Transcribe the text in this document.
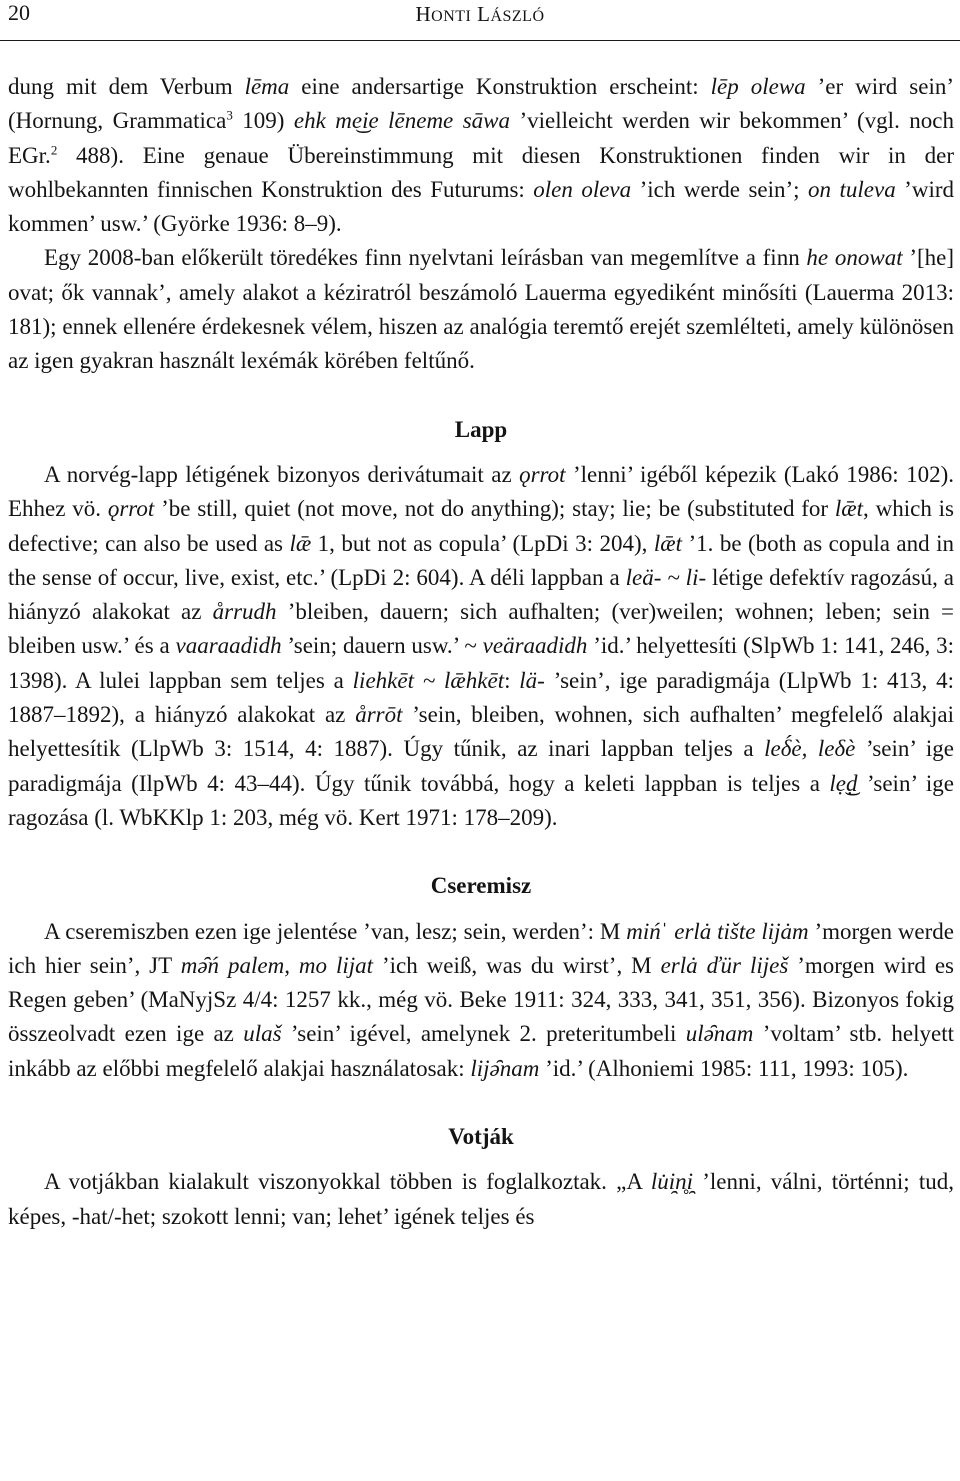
20	HONTI LÁSZLÓ

dung mit dem Verbum lēma eine andersartige Konstruktion erscheint: lēp olewa ’er wird sein’ (Hornung, Grammatica$^3$ 109) ehk me͜ie lēneme sāwa ’vielleicht werden wir bekommen’ (vgl. noch EGr.$^2$ 488). Eine genaue Übereinstimmung mit diesen Konstruktionen finden wir in der wohlbekannten finnischen Konstruktion des Futurums: olen oleva ’ich werde sein’; on tuleva ’wird kommen’ usw.’ (Györke 1936: 8–9).

Egy 2008-ban előkerült töredékes finn nyelvtani leírásban van megemlítve a finn he onowat ’[he] ovat; ők vannak’, amely alakot a kéziratról beszámoló Lauerma egyediként minősíti (Lauerma 2013: 181); ennek ellenére érdekesnek vélem, hiszen az analógia teremtő erejét szemlélteti, amely különösen az igen gyakran használt lexémák körében feltűnő.

Lapp

A norvég-lapp létigének bizonyos derivátumait az ǫrrot ’lenni’ igéből képezik (Lakó 1986: 102). Ehhez vö. ǫrrot ’be still, quiet (not move, not do anything); stay; lie; be (substituted for lǣt, which is defective; can also be used as lǣ 1, but not as copula’ (LpDi 3: 204), lǣt ’1. be (both as copula and in the sense of occur, live, exist, etc.’ (LpDi 2: 604). A déli lappban a leä- ~ li- létige defektív ragozású, a hiányzó alakokat az årrudh ’bleiben, dauern; sich aufhalten; (ver)weilen; wohnen; leben; sein = bleiben usw.’ és a vaaraadidh ’sein; dauern usw.’ ~ veäraadidh ’id.’ helyettesíti (SlpWb 1: 141, 246, 3: 1398). A lulei lappban sem teljes a liehkēt ~ lǣhkēt: lä- ’sein’, ige paradigmája (LlpWb 1: 413, 4: 1887–1892), a hiányzó alakokat az årrōt ’sein, bleiben, wohnen, sich aufhalten’ megfelelő alakjai helyettesítik (LlpWb 3: 1514, 4: 1887). Úgy tűnik, az inari lappban teljes a leδ́è, leδè ’sein’ ige paradigmája (IlpWb 4: 43–44). Úgy tűnik továbbá, hogy a keleti lappban is teljes a lẹ͜ḍ ’sein’ ige ragozása (l. WbKKlp 1: 203, még vö. Kert 1971: 178–209).

Cseremisz

A cseremiszben ezen ige jelentése ’van, lesz; sein, werden’: M mińˈ erlȧ tište lijȧm ’morgen werde ich hier sein’, JT mə̑ń palem, mo lijat ’ich weiß, was du wirst’, M erlȧ ďür liješ ’morgen wird es Regen geben’ (MaNyjSz 4/4: 1257 kk., még vö. Beke 1911: 324, 333, 341, 351, 356). Bizonyos fokig összeolvadt ezen ige az ulaš ’sein’ igével, amelynek 2. preteritumbeli ulə̑nam ’voltam’ stb. helyett inkább az előbbi megfelelő alakjai használatosak: lijə̑nam ’id.’ (Alhoniemi 1985: 111, 1993: 105).

Votják

A votjákban kialakult viszonyokkal többen is foglalkoztak. „A lu̇i̯n̥i̯ ’lenni, válni, történni; tud, képes, -hat/-het; szokott lenni; van; lehet’ igének teljes és
